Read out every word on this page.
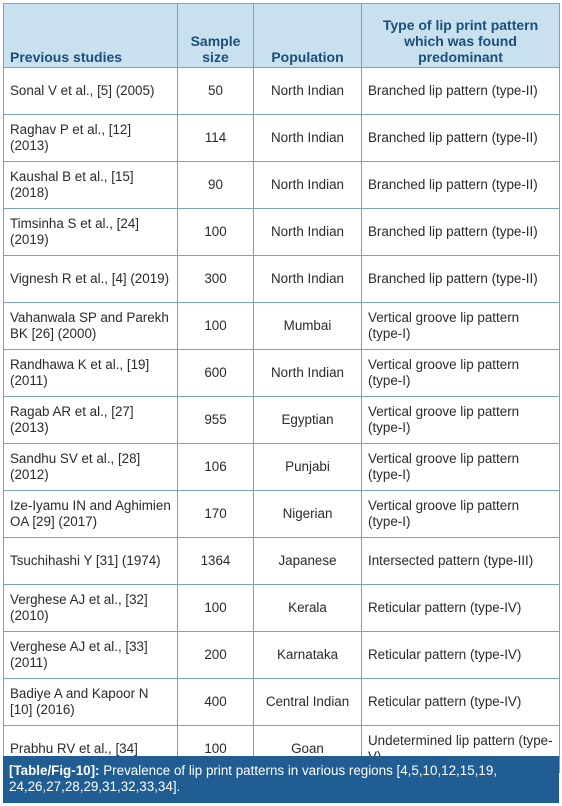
Previous studies	Sample size	Population	Type of lip print pattern which was found predominant
Sonal V et al., [5] (2005)	50	North Indian	Branched lip pattern (type-II)
Raghav P et al., [12] (2013)	114	North Indian	Branched lip pattern (type-II)
Kaushal B et al., [15] (2018)	90	North Indian	Branched lip pattern (type-II)
Timsinha S et al., [24] (2019)	100	North Indian	Branched lip pattern (type-II)
Vignesh R et al., [4] (2019)	300	North Indian	Branched lip pattern (type-II)
Vahanwala SP and Parekh BK [26] (2000)	100	Mumbai	Vertical groove lip pattern (type-I)
Randhawa K et al., [19] (2011)	600	North Indian	Vertical groove lip pattern (type-I)
Ragab AR et al., [27] (2013)	955	Egyptian	Vertical groove lip pattern (type-I)
Sandhu SV et al., [28] (2012)	106	Punjabi	Vertical groove lip pattern (type-I)
Ize-Iyamu IN and Aghimien OA [29] (2017)	170	Nigerian	Vertical groove lip pattern (type-I)
Tsuchihashi Y [31] (1974)	1364	Japanese	Intersected pattern (type-III)
Verghese AJ et al., [32] (2010)	100	Kerala	Reticular pattern (type-IV)
Verghese AJ et al., [33] (2011)	200	Karnataka	Reticular pattern (type-IV)
Badiye A and Kapoor N [10] (2016)	400	Central Indian	Reticular pattern (type-IV)
Prabhu RV et al., [34]	100	Goan	Undetermined lip pattern (type-
[Table/Fig-10]: Prevalence of lip print patterns in various regions [4,5,10,12,15,19, 24,26,27,28,29,31,32,33,34].
